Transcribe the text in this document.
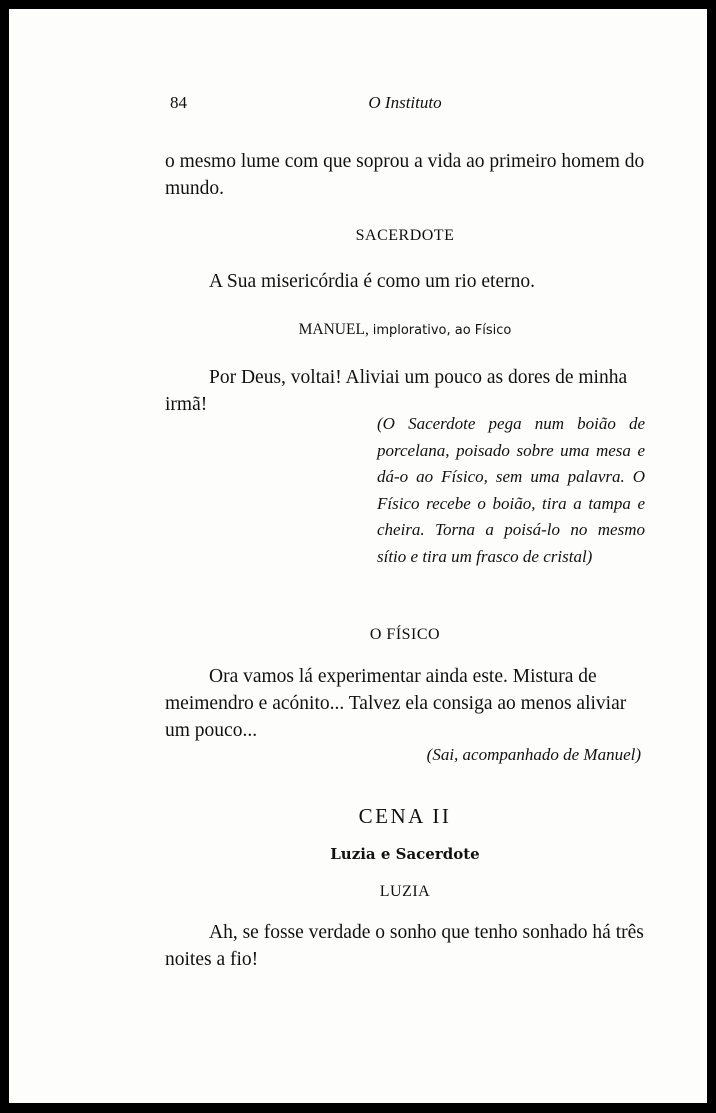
84	O Instituto
o mesmo lume com que soprou a vida ao primeiro homem do mundo.
SACERDOTE
A Sua misericórdia é como um rio eterno.
MANUEL, implorativo, ao Físico
Por Deus, voltai! Aliviai um pouco as dores de minha irmã!
(O Sacerdote pega num boião de porcelana, poisado sobre uma mesa e dá-o ao Físico, sem uma palavra. O Físico recebe o boião, tira a tampa e cheira. Torna a poisá-lo no mesmo sítio e tira um frasco de cristal)
O FÍSICO
Ora vamos lá experimentar ainda este. Mistura de meimendro e acónito... Talvez ela consiga ao menos aliviar um pouco...
(Sai, acompanhado de Manuel)
CENA II
Luzia e Sacerdote
LUZIA
Ah, se fosse verdade o sonho que tenho sonhado há três noites a fio!
